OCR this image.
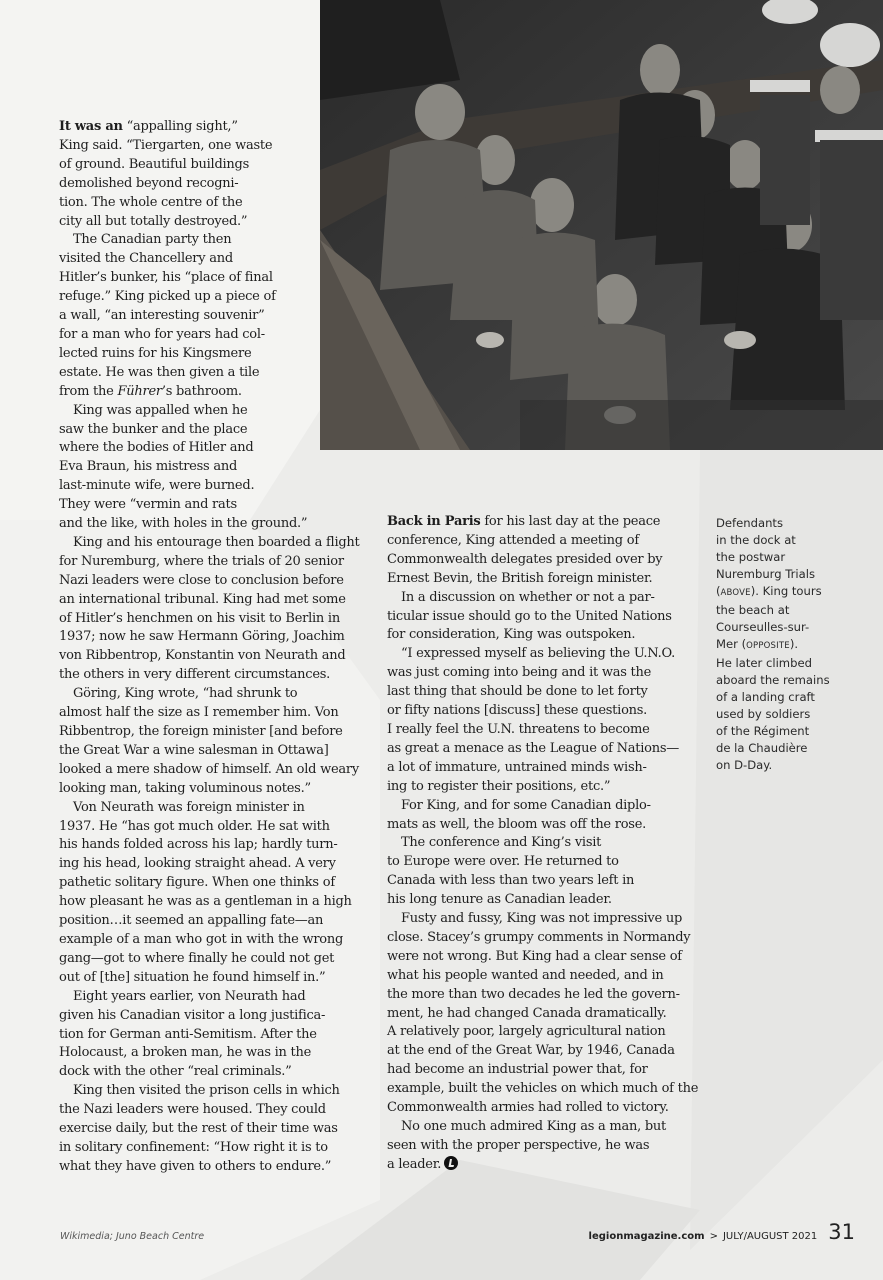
It was an “appalling sight,”

King said. “Tiergarten, one waste

of ground. Beautiful buildings

demolished beyond recogni-

tion. The whole centre of the

city all but totally destroyed.”

The Canadian party then

visited the Chancellery and

Hitler’s bunker, his “place of final

refuge.” King picked up a piece of

a wall, “an interesting souvenir”

for a man who for years had col-

lected ruins for his Kingsmere

estate. He was then given a tile

from the Führer’s bathroom.

King was appalled when he

saw the bunker and the place

where the bodies of Hitler and

Eva Braun, his mistress and

last-minute wife, were burned.

They were “vermin and rats

and the like, with holes in the ground.”

King and his entourage then boarded a flight

for Nuremburg, where the trials of 20 senior

Nazi leaders were close to conclusion before

an international tribunal. King had met some

of Hitler’s henchmen on his visit to Berlin in

1937; now he saw Hermann Göring, Joachim

von Ribbentrop, Konstantin von Neurath and

the others in very different circumstances.

Göring, King wrote, “had shrunk to

almost half the size as I remember him. Von

Ribbentrop, the foreign minister [and before

the Great War a wine salesman in Ottawa]

looked a mere shadow of himself. An old weary

looking man, taking voluminous notes.”

Von Neurath was foreign minister in

1937. He “has got much older. He sat with

his hands folded across his lap; hardly turn-

ing his head, looking straight ahead. A very

pathetic solitary figure. When one thinks of

how pleasant he was as a gentleman in a high

position…it seemed an appalling fate—an

example of a man who got in with the wrong

gang—got to where finally he could not get

out of [the] situation he found himself in.”

Eight years earlier, von Neurath had

given his Canadian visitor a long justifica-

tion for German anti-Semitism. After the

Holocaust, a broken man, he was in the

dock with the other “real criminals.”

King then visited the prison cells in which

the Nazi leaders were housed. They could

exercise daily, but the rest of their time was

in solitary confinement: “How right it is to

what they have given to others to endure.”

Back in Paris for his last day at the peace

conference, King attended a meeting of

Commonwealth delegates presided over by

Ernest Bevin, the British foreign minister.

In a discussion on whether or not a par-

ticular issue should go to the United Nations

for consideration, King was outspoken.

“I expressed myself as believing the U.N.O.

was just coming into being and it was the

last thing that should be done to let forty

or fifty nations [discuss] these questions.

I really feel the U.N. threatens to become

as great a menace as the League of Nations—

a lot of immature, untrained minds wish-

ing to register their positions, etc.”

For King, and for some Canadian diplo-

mats as well, the bloom was off the rose.

The conference and King’s visit

to Europe were over. He returned to

Canada with less than two years left in

his long tenure as Canadian leader.

Fusty and fussy, King was not impressive up

close. Stacey’s grumpy comments in Normandy

were not wrong. But King had a clear sense of

what his people wanted and needed, and in

the more than two decades he led the govern-

ment, he had changed Canada dramatically.

A relatively poor, largely agricultural nation

at the end of the Great War, by 1946, Canada

had become an industrial power that, for

example, built the vehicles on which much of the

Commonwealth armies had rolled to victory.

No one much admired King as a man, but

seen with the proper perspective, he was

a leader.

Defendants
in the dock at
the postwar
Nuremburg Trials
(ABOVE). King tours
the beach at
Courseulles-sur-
Mer (OPPOSITE).
He later climbed
aboard the remains
of a landing craft
used by soldiers
of the Régiment
de la Chaudière
on D-Day.
Wikimedia; Juno Beach Centre	legionmagazine.com > JULY/AUGUST 2021 31
